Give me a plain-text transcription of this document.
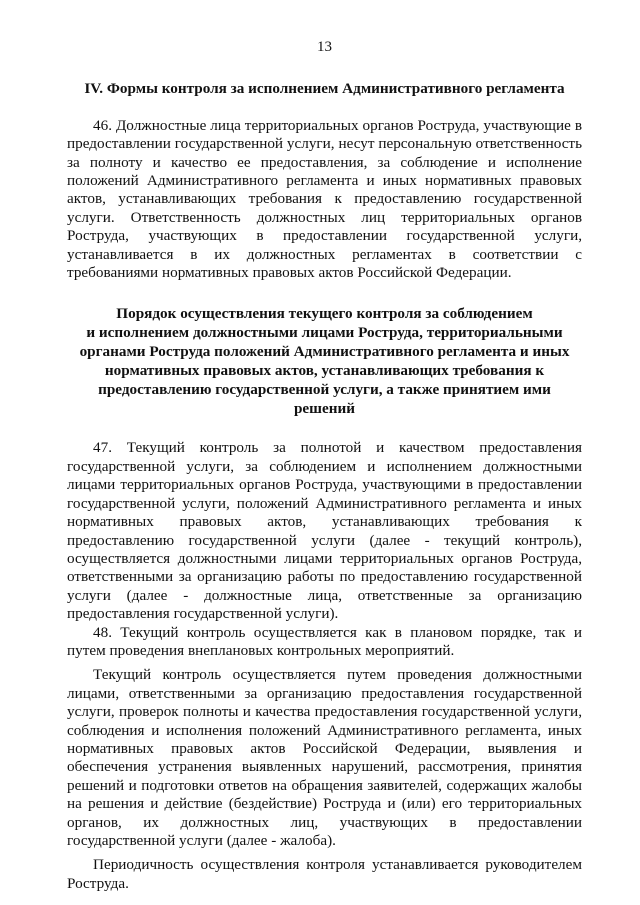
13
IV. Формы контроля за исполнением Административного регламента

46. Должностные лица территориальных органов Роструда, участвующие в предоставлении государственной услуги, несут персональную ответственность за полноту и качество ее предоставления, за соблюдение и исполнение положений Административного регламента и иных нормативных правовых актов, устанавливающих требования к предоставлению государственной услуги. Ответственность должностных лиц территориальных органов Роструда, участвующих в предоставлении государственной услуги, устанавливается в их должностных регламентах в соответствии с требованиями нормативных правовых актов Российской Федерации.

Порядок осуществления текущего контроля за соблюдением
и исполнением должностными лицами Роструда, территориальными
органами Роструда положений Административного регламента и иных
нормативных правовых актов, устанавливающих требования к
предоставлению государственной услуги, а также принятием ими решений

47. Текущий контроль за полнотой и качеством предоставления государственной услуги, за соблюдением и исполнением должностными лицами территориальных органов Роструда, участвующими в предоставлении государственной услуги, положений Административного регламента и иных нормативных правовых актов, устанавливающих требования к предоставлению государственной услуги (далее - текущий контроль), осуществляется должностными лицами территориальных органов Роструда, ответственными за организацию работы по предоставлению государственной услуги (далее - должностные лица, ответственные за организацию предоставления государственной услуги).

48. Текущий контроль осуществляется как в плановом порядке, так и путем проведения внеплановых контрольных мероприятий.

Текущий контроль осуществляется путем проведения должностными лицами, ответственными за организацию предоставления государственной услуги, проверок полноты и качества предоставления государственной услуги, соблюдения и исполнения положений Административного регламента, иных нормативных правовых актов Российской Федерации, выявления и обеспечения устранения выявленных нарушений, рассмотрения, принятия решений и подготовки ответов на обращения заявителей, содержащих жалобы на решения и действие (бездействие) Роструда и (или) его территориальных органов, их должностных лиц, участвующих в предоставлении государственной услуги (далее - жалоба).

Периодичность осуществления контроля устанавливается руководителем Роструда.
